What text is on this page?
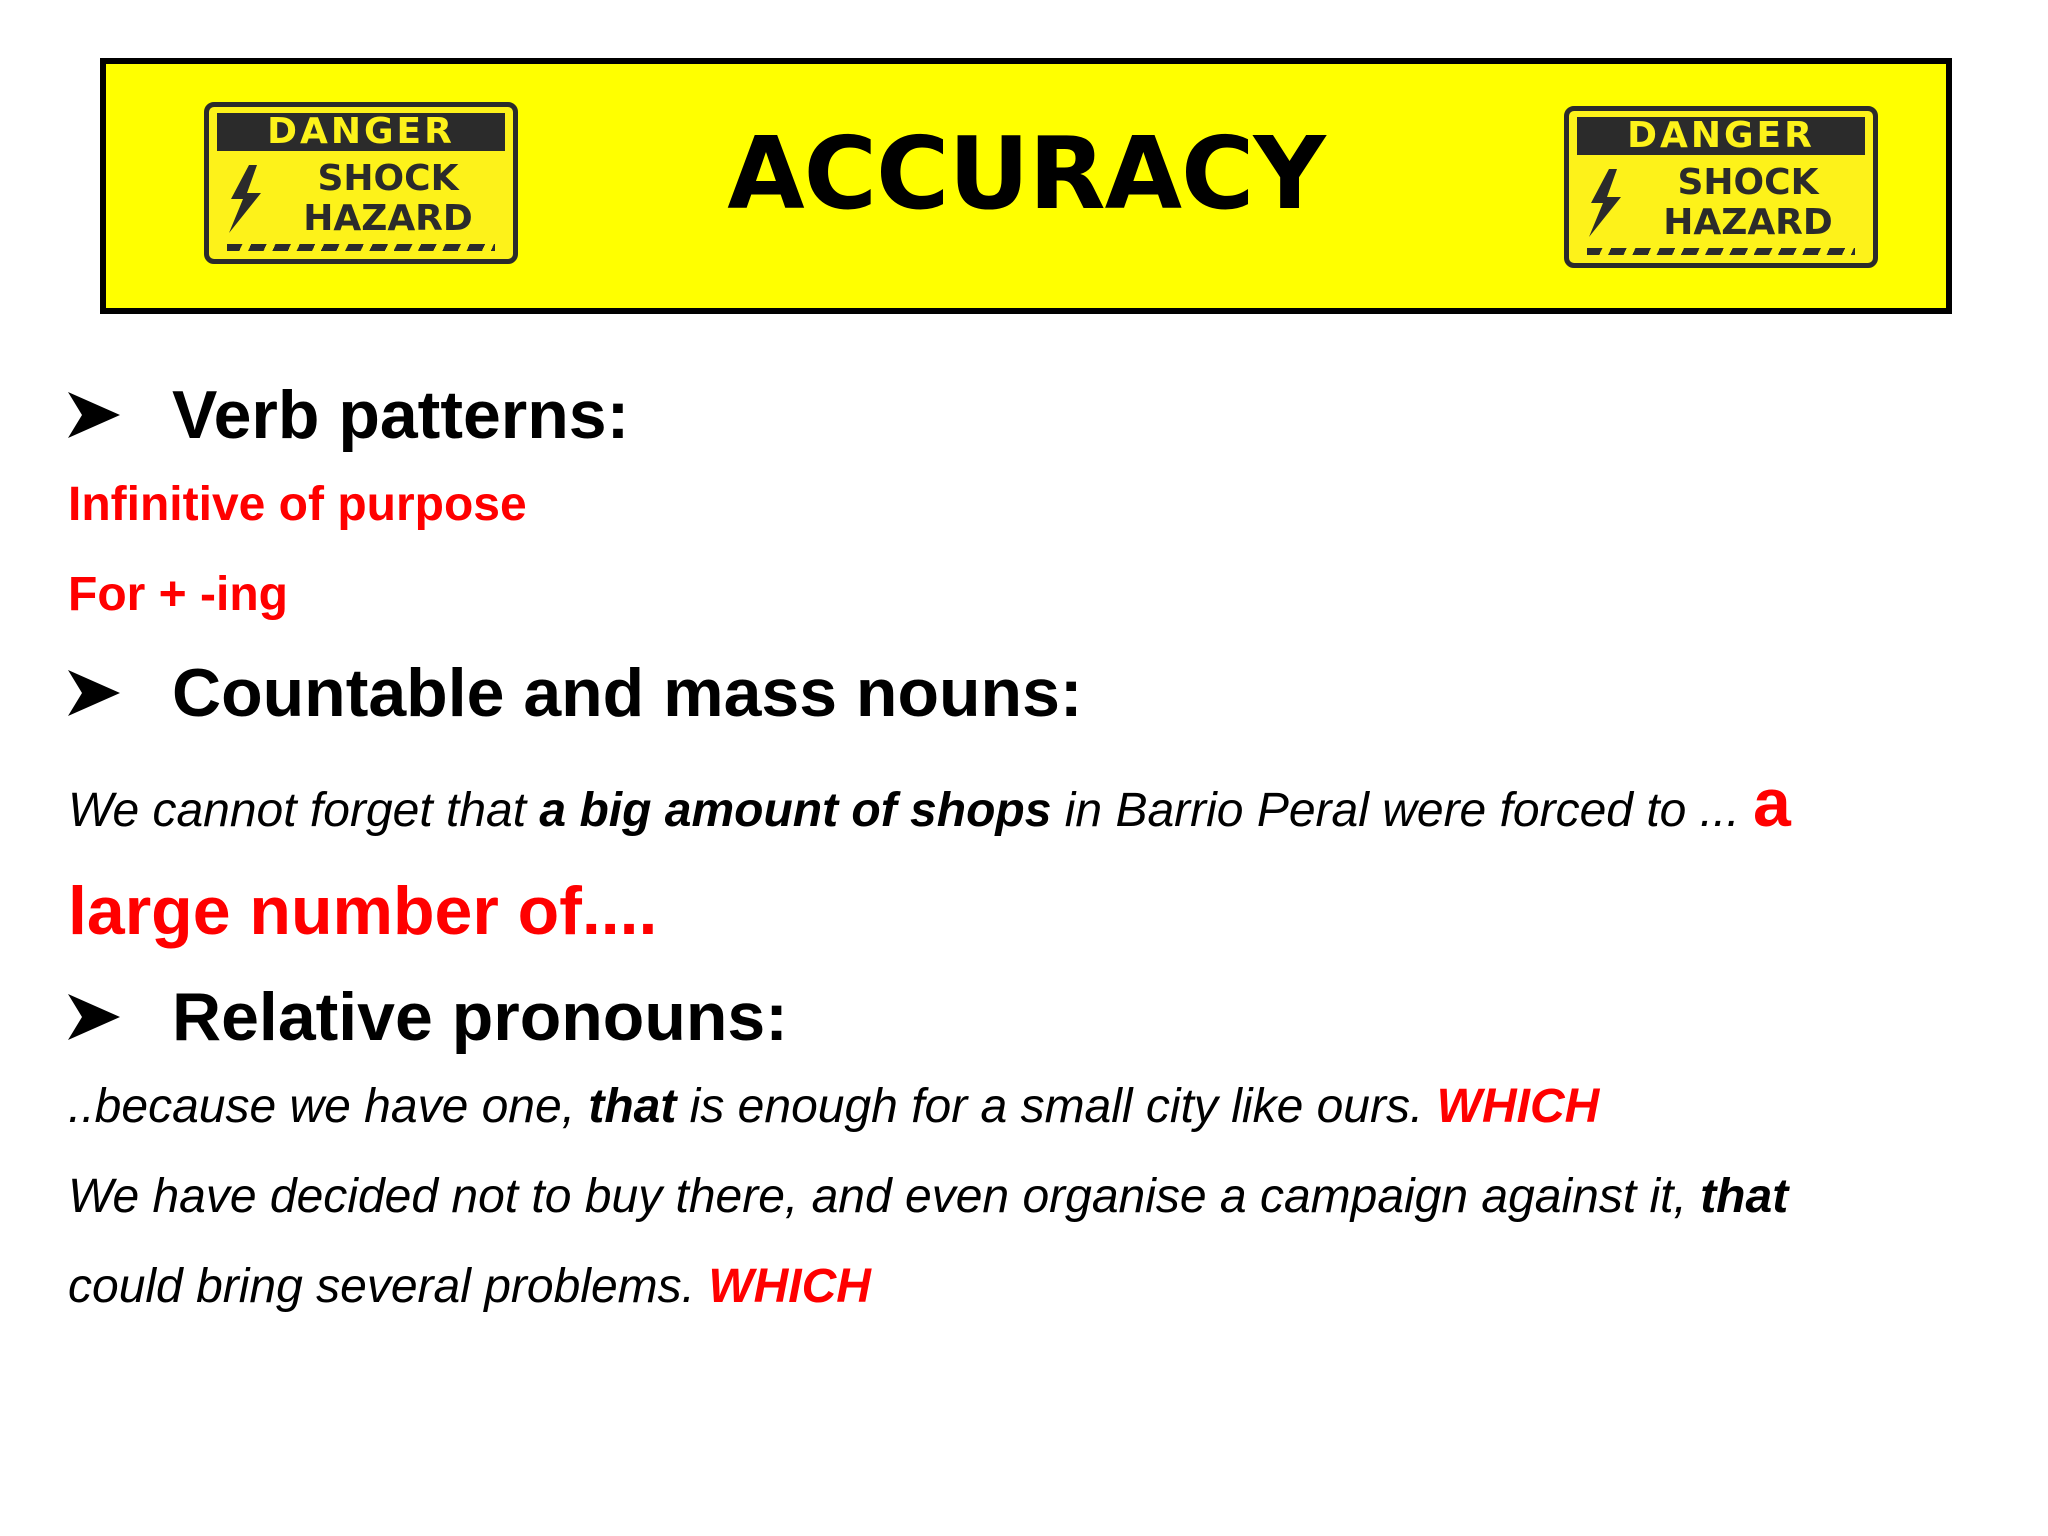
DANGER
SHOCK
HAZARD	ACCURACY	DANGER
SHOCK
HAZARD
Verb patterns:
Infinitive of purpose
For + -ing
Countable and mass nouns:
We cannot forget that a big amount of shops in Barrio Peral were forced to ... a
large number of....
Relative pronouns:
..because we have one, that is enough for a small city like ours. WHICH
We have decided not to buy there, and even organise a campaign against it, that
could bring several problems. WHICH
